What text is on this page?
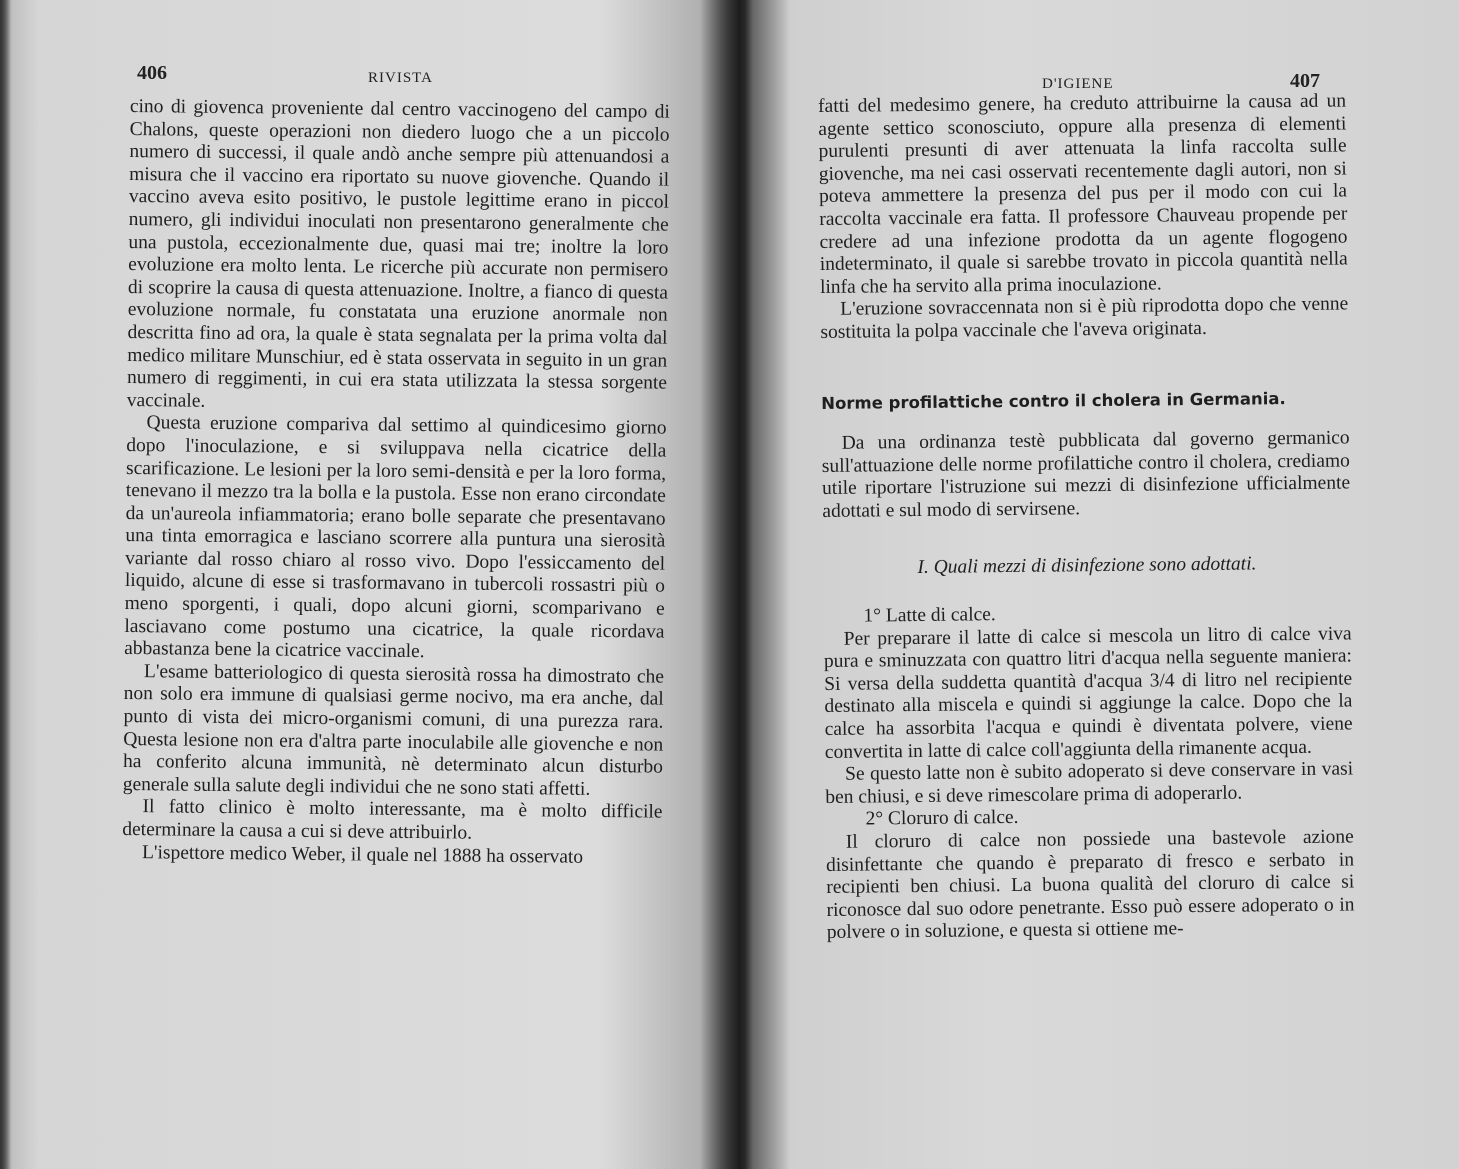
406	RIVISTA

cino di giovenca proveniente dal centro vaccinogeno del campo di Chalons, queste operazioni non diedero luogo che a un piccolo numero di successi, il quale andò anche sempre più attenuandosi a misura che il vaccino era riportato su nuove giovenche. Quando il vaccino aveva esito positivo, le pustole legittime erano in piccol numero, gli individui inoculati non presentarono generalmente che una pustola, eccezionalmente due, quasi mai tre; inoltre la loro evoluzione era molto lenta. Le ricerche più accurate non permisero di scoprire la causa di questa attenuazione. Inoltre, a fianco di questa evoluzione normale, fu constatata una eruzione anormale non descritta fino ad ora, la quale è stata segnalata per la prima volta dal medico militare Munschiur, ed è stata osservata in seguito in un gran numero di reggimenti, in cui era stata utilizzata la stessa sorgente vaccinale.

Questa eruzione compariva dal settimo al quindicesimo giorno dopo l'inoculazione, e si sviluppava nella cicatrice della scarificazione. Le lesioni per la loro semi-densità e per la loro forma, tenevano il mezzo tra la bolla e la pustola. Esse non erano circondate da un'aureola infiammatoria; erano bolle separate che presentavano una tinta emorragica e lasciano scorrere alla puntura una sierosità variante dal rosso chiaro al rosso vivo. Dopo l'essiccamento del liquido, alcune di esse si trasformavano in tubercoli rossastri più o meno sporgenti, i quali, dopo alcuni giorni, scomparivano e lasciavano come postumo una cicatrice, la quale ricordava abbastanza bene la cicatrice vaccinale.

L'esame batteriologico di questa sierosità rossa ha dimostrato che non solo era immune di qualsiasi germe nocivo, ma era anche, dal punto di vista dei micro-organismi comuni, di una purezza rara. Questa lesione non era d'altra parte inoculabile alle giovenche e non ha conferito alcuna immunità, nè determinato alcun disturbo generale sulla salute degli individui che ne sono stati affetti.

Il fatto clinico è molto interessante, ma è molto difficile determinare la causa a cui si deve attribuirlo.

L'ispettore medico Weber, il quale nel 1888 ha osservato

D'IGIENE	407

fatti del medesimo genere, ha creduto attribuirne la causa ad un agente settico sconosciuto, oppure alla presenza di elementi purulenti presunti di aver attenuata la linfa raccolta sulle giovenche, ma nei casi osservati recentemente dagli autori, non si poteva ammettere la presenza del pus per il modo con cui la raccolta vaccinale era fatta. Il professore Chauveau propende per credere ad una infezione prodotta da un agente flogogeno indeterminato, il quale si sarebbe trovato in piccola quantità nella linfa che ha servito alla prima inoculazione.

L'eruzione sovraccennata non si è più riprodotta dopo che venne sostituita la polpa vaccinale che l'aveva originata.

Norme profilattiche contro il cholera in Germania.

Da una ordinanza testè pubblicata dal governo germanico sull'attuazione delle norme profilattiche contro il cholera, crediamo utile riportare l'istruzione sui mezzi di disinfezione ufficialmente adottati e sul modo di servirsene.

I. Quali mezzi di disinfezione sono adottati.

1° Latte di calce.

Per preparare il latte di calce si mescola un litro di calce viva pura e sminuzzata con quattro litri d'acqua nella seguente maniera: Si versa della suddetta quantità d'acqua 3/4 di litro nel recipiente destinato alla miscela e quindi si aggiunge la calce. Dopo che la calce ha assorbita l'acqua e quindi è diventata polvere, viene convertita in latte di calce coll'aggiunta della rimanente acqua.

Se questo latte non è subito adoperato si deve conservare in vasi ben chiusi, e si deve rimescolare prima di adoperarlo.

2° Cloruro di calce.

Il cloruro di calce non possiede una bastevole azione disinfettante che quando è preparato di fresco e serbato in recipienti ben chiusi. La buona qualità del cloruro di calce si riconosce dal suo odore penetrante. Esso può essere adoperato o in polvere o in soluzione, e questa si ottiene me-
